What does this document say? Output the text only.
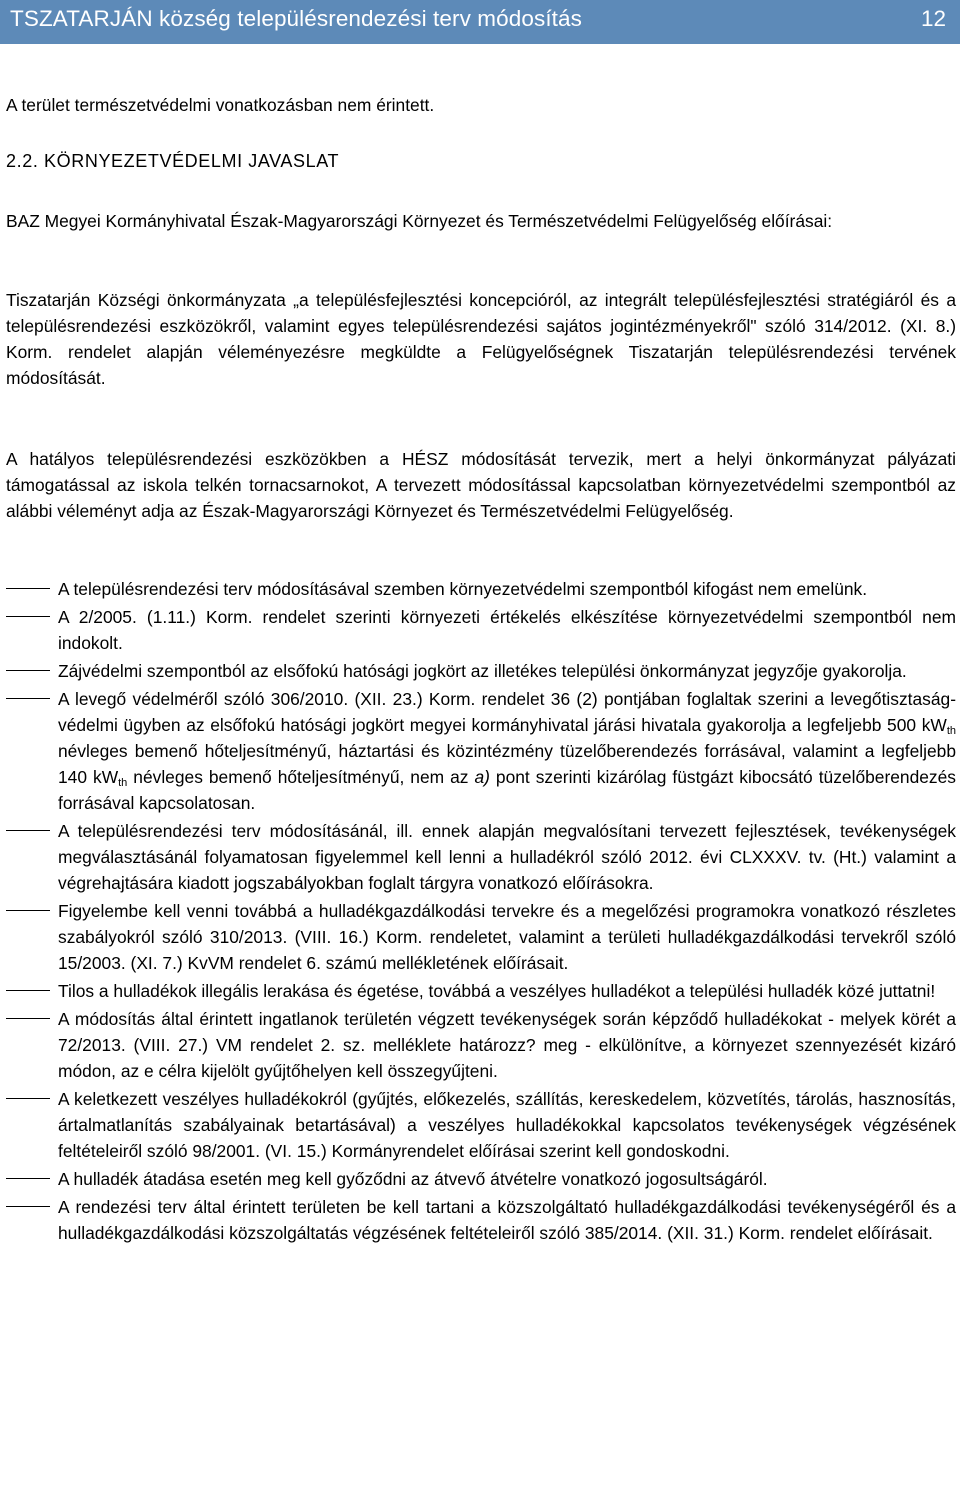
TSZATARJÁN község településrendezési terv módosítás	12
A terület természetvédelmi vonatkozásban nem érintett.
2.2. KÖRNYEZETVÉDELMI JAVASLAT
BAZ Megyei Kormányhivatal Észak-Magyarországi Környezet és Természetvédelmi Felügyelőség előírásai:
Tiszatarján Községi önkormányzata „a településfejlesztési koncepcióról, az integrált településfejlesztési stratégiáról és a településrendezési eszközökről, valamint egyes településrendezési sajátos jogintézményekről" szóló 314/2012. (XI. 8.) Korm. rendelet alapján véleményezésre megküldte a Felügyelőségnek Tiszatarján településrendezési tervének módosítását.
A hatályos településrendezési eszközökben a HÉSZ módosítását tervezik, mert a helyi önkormányzat pályázati támogatással az iskola telkén tornacsarnokot, A tervezett módosítással kapcsolatban környezetvédelmi szempontból az alábbi véleményt adja az Észak-Magyarországi Környezet és Természetvédelmi Felügyelőség.
A településrendezési terv módosításával szemben környezetvédelmi szempontból kifogást nem emelünk.
A 2/2005. (1.11.) Korm. rendelet szerinti környezeti értékelés elkészítése környezetvédelmi szempontból nem indokolt.
Zájvédelmi szempontból az elsőfokú hatósági jogkört az illetékes települési önkormányzat jegyzője gyakorolja.
A levegő védelméről szóló 306/2010. (XII. 23.) Korm. rendelet 36 (2) pontjában foglaltak szerini a levegőtisztaság-védelmi ügyben az elsőfokú hatósági jogkört megyei kormányhivatal járási hivatala gyakorolja a legfeljebb 500 $kW_{th}$ névleges bemenő hőteljesítményű, háztartási és közintézmény tüzelőberendezés forrásával, valamint a legfeljebb 140 $kW_{th}$ névleges bemenő hőteljesítményű, nem az a) pont szerinti kizárólag füstgázt kibocsátó tüzelőberendezés forrásával kapcsolatosan.
A településrendezési terv módosításánál, ill. ennek alapján megvalósítani tervezett fejlesztések, tevékenységek megválasztásánál folyamatosan figyelemmel kell lenni a hulladékról szóló 2012. évi CLXXXV. tv. (Ht.) valamint a végrehajtására kiadott jogszabályokban foglalt tárgyra vonatkozó előírásokra.
Figyelembe kell venni továbbá a hulladékgazdálkodási tervekre és a megelőzési programokra vonatkozó részletes szabályokról szóló 310/2013. (VIII. 16.) Korm. rendeletet, valamint a területi hulladékgazdálkodási tervekről szóló 15/2003. (XI. 7.) KvVM rendelet 6. számú mellékletének előírásait.
Tilos a hulladékok illegális lerakása és égetése, továbbá a veszélyes hulladékot a települési hulladék közé juttatni!
A módosítás által érintett ingatlanok területén végzett tevékenységek során képződő hulladékokat - melyek körét a 72/2013. (VIII. 27.) VM rendelet 2. sz. melléklete határozz? meg - elkülönítve, a környezet szennyezését kizáró módon, az e célra kijelölt gyűjtőhelyen kell összegyűjteni.
A keletkezett veszélyes hulladékokról (gyűjtés, előkezelés, szállítás, kereskedelem, közvetítés, tárolás, hasznosítás, ártalmatlanítás szabályainak betartásával) a veszélyes hulladékokkal kapcsolatos tevékenységek végzésének feltételeiről szóló 98/2001. (VI. 15.) Kormányrendelet előírásai szerint kell gondoskodni.
A hulladék átadása esetén meg kell győződni az átvevő átvételre vonatkozó jogosultságáról.
A rendezési terv által érintett területen be kell tartani a közszolgáltató hulladékgazdálkodási tevékenységéről és a hulladékgazdálkodási közszolgáltatás végzésének feltételeiről szóló 385/2014. (XII. 31.) Korm. rendelet előírásait.
